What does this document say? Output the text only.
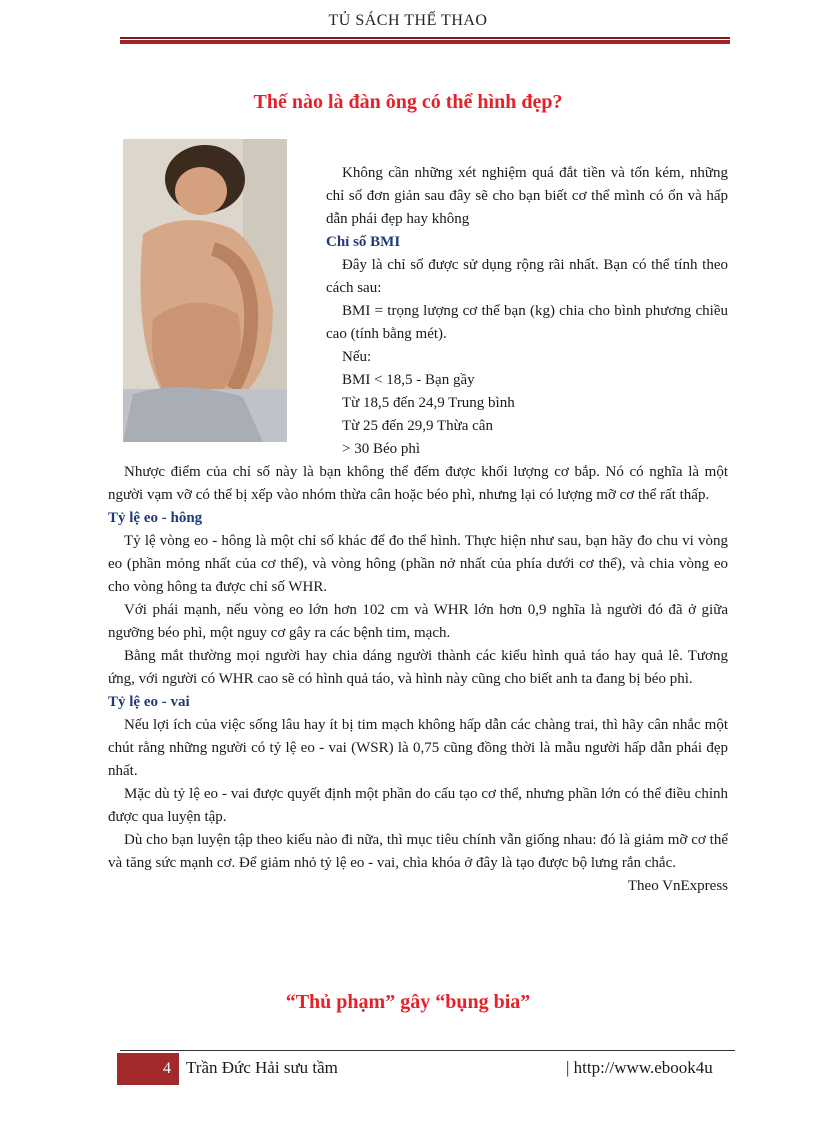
TỦ SÁCH THỂ THAO
Thế nào là đàn ông có thể hình đẹp?

Không cần những xét nghiệm quá đắt tiền và tốn kém, những chỉ số đơn giản sau đây sẽ cho bạn biết cơ thể mình có ổn và hấp dẫn phái đẹp hay không

Chỉ số BMI

Đây là chỉ số được sử dụng rộng rãi nhất. Bạn có thể tính theo cách sau:

BMI = trọng lượng cơ thể bạn (kg) chia cho bình phương chiều cao (tính bằng mét).

Nếu:

BMI < 18,5 - Bạn gầy

Từ 18,5 đến 24,9 Trung bình

Từ 25 đến 29,9 Thừa cân

> 30 Béo phì

Nhược điểm của chỉ số này là bạn không thể đếm được khối lượng cơ bắp. Nó có nghĩa là một người vạm vỡ có thể bị xếp vào nhóm thừa cân hoặc béo phì, nhưng lại có lượng mỡ cơ thể rất thấp.

Tỷ lệ eo - hông

Tỷ lệ vòng eo - hông là một chỉ số khác để đo thể hình. Thực hiện như sau, bạn hãy đo chu vi vòng eo (phần mỏng nhất của cơ thể), và vòng hông (phần nở nhất của phía dưới cơ thể), và chia vòng eo cho vòng hông ta được chỉ số WHR.

Với phái mạnh, nếu vòng eo lớn hơn 102 cm và WHR lớn hơn 0,9 nghĩa là người đó đã ở giữa ngưỡng béo phì, một nguy cơ gây ra các bệnh tim, mạch.

Bằng mắt thường mọi người hay chia dáng người thành các kiểu hình quả táo hay quả lê. Tương ứng, với người có WHR cao sẽ có hình quả táo, và hình này cũng cho biết anh ta đang bị béo phì.

Tỷ lệ eo - vai

Nếu lợi ích của việc sống lâu hay ít bị tim mạch không hấp dẫn các chàng trai, thì hãy cân nhắc một chút rằng những người có tỷ lệ eo - vai (WSR) là 0,75 cũng đồng thời là mẫu người hấp dẫn phái đẹp nhất.

Mặc dù tỷ lệ eo - vai được quyết định một phần do cấu tạo cơ thể, nhưng phần lớn có thể điều chỉnh được qua luyện tập.

Dù cho bạn luyện tập theo kiểu nào đi nữa, thì mục tiêu chính vẫn giống nhau: đó là giảm mỡ cơ thể và tăng sức mạnh cơ. Để giảm nhỏ tỷ lệ eo - vai, chìa khóa ở đây là tạo được bộ lưng rắn chắc.

Theo VnExpress

“Thủ phạm” gây “bụng bia”
4 Trần Đức Hải sưu tầm	| http://www.ebook4u
